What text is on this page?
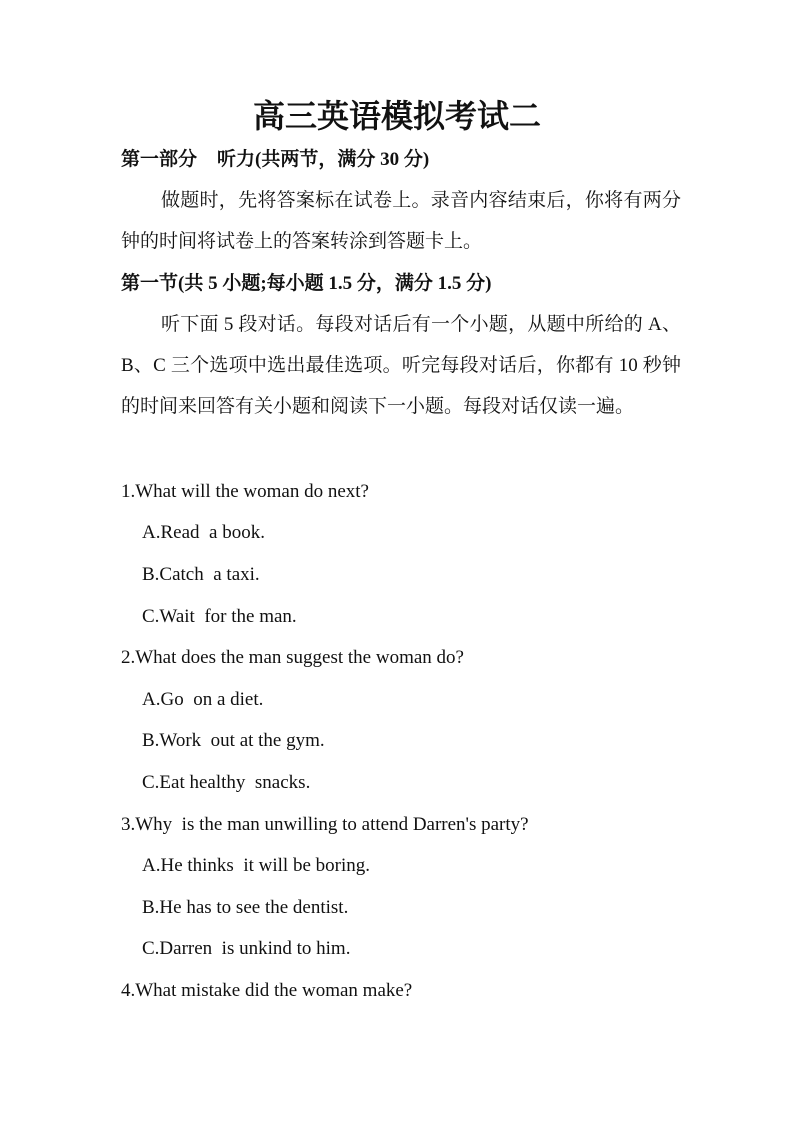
高三英语模拟考试二

第一部分 听力(共两节，满分 30 分)

做题时，先将答案标在试卷上。录音内容结束后，你将有两分钟的时间将试卷上的答案转涂到答题卡上。

第一节(共 5 小题;每小题 1.5 分，满分 1.5 分)

听下面 5 段对话。每段对话后有一个小题，从题中所给的 A、B、C 三个选项中选出最佳选项。听完每段对话后，你都有 10 秒钟的时间来回答有关小题和阅读下一小题。每段对话仅读一遍。

1.What will the woman do next?

A.Read  a book.

B.Catch  a taxi.

C.Wait  for the man.

2.What does the man suggest the woman do?

A.Go  on a diet.

B.Work  out at the gym.

C.Eat healthy  snacks.

3.Why  is the man unwilling to attend Darren's party?

A.He thinks  it will be boring.

B.He has to see the dentist.

C.Darren  is unkind to him.

4.What mistake did the woman make?
